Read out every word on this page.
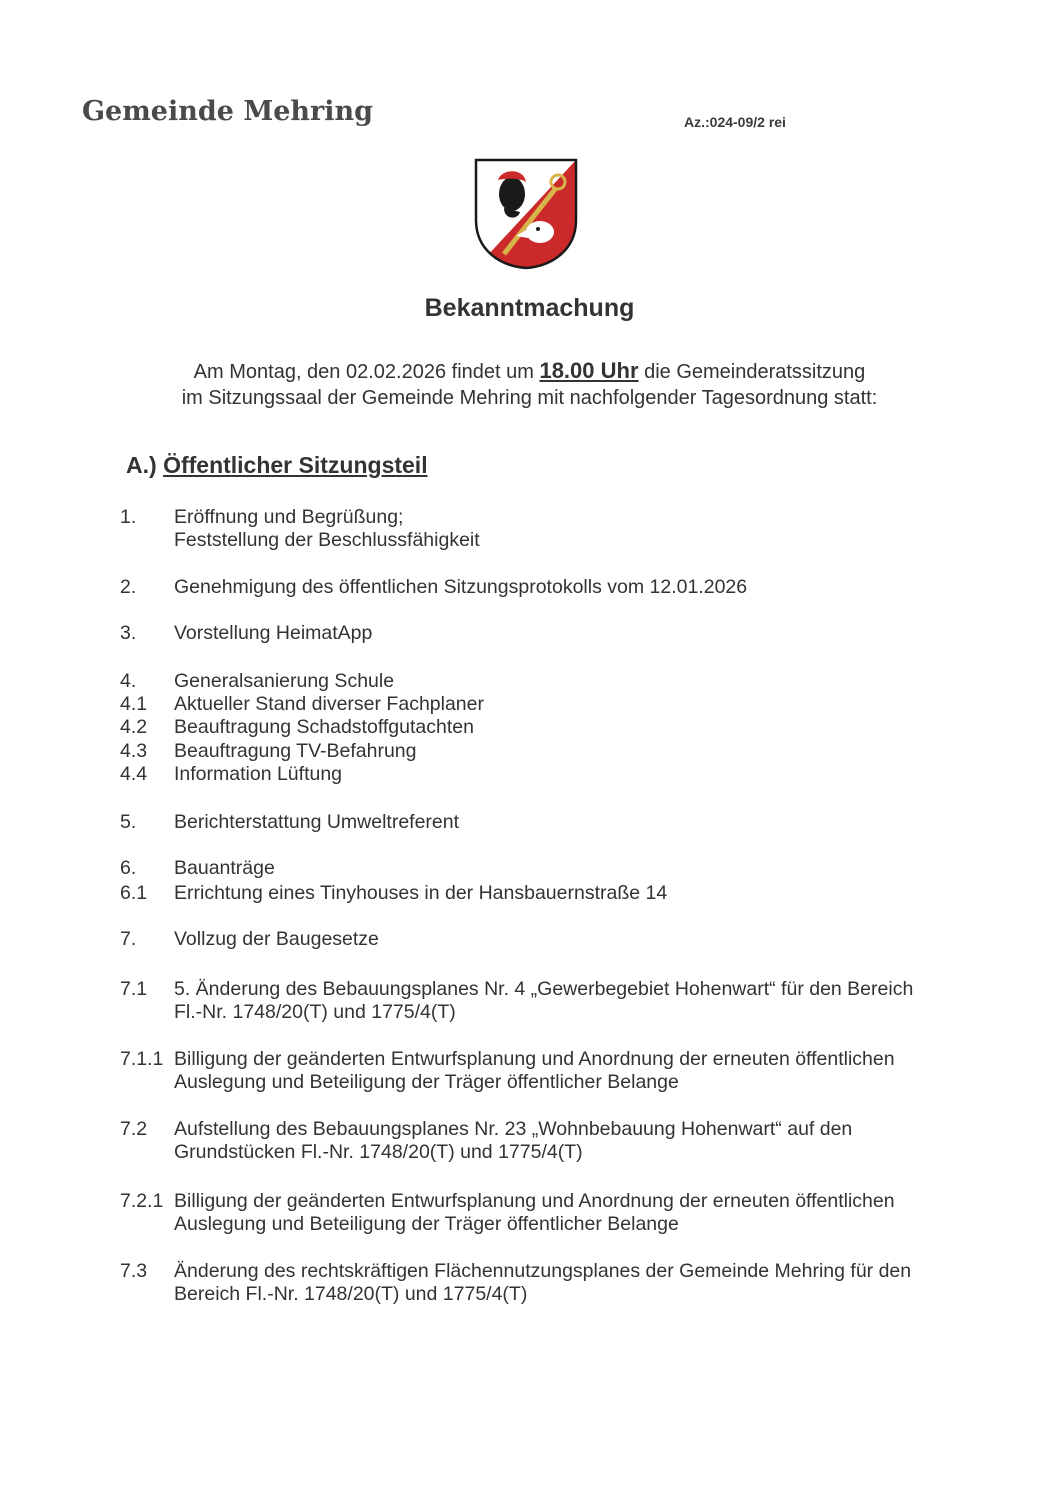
Gemeinde Mehring	Az.:024-09/2 rei
Bekanntmachung
Am Montag, den 02.02.2026 findet um 18.00 Uhr die Gemeinderatssitzung
im Sitzungssaal der Gemeinde Mehring mit nachfolgender Tagesordnung statt:
A.) Öffentlicher Sitzungsteil
1.	Eröffnung und Begrüßung;
Feststellung der Beschlussfähigkeit
2.	Genehmigung des öffentlichen Sitzungsprotokolls vom 12.01.2026
3.	Vorstellung HeimatApp
4.	Generalsanierung Schule
4.1	Aktueller Stand diverser Fachplaner
4.2	Beauftragung Schadstoffgutachten
4.3	Beauftragung TV-Befahrung
4.4	Information Lüftung
5.	Berichterstattung Umweltreferent
6.	Bauanträge
6.1	Errichtung eines Tinyhouses in der Hansbauernstraße 14
7.	Vollzug der Baugesetze
7.1	5. Änderung des Bebauungsplanes Nr. 4 „Gewerbegebiet Hohenwart“ für den Bereich
Fl.-Nr. 1748/20(T) und 1775/4(T)
7.1.1 Billigung der geänderten Entwurfsplanung und Anordnung der erneuten öffentlichen
Auslegung und Beteiligung der Träger öffentlicher Belange
7.2	Aufstellung des Bebauungsplanes Nr. 23 „Wohnbebauung Hohenwart“ auf den
Grundstücken Fl.-Nr. 1748/20(T) und 1775/4(T)
7.2.1 Billigung der geänderten Entwurfsplanung und Anordnung der erneuten öffentlichen
Auslegung und Beteiligung der Träger öffentlicher Belange
7.3	Änderung des rechtskräftigen Flächennutzungsplanes der Gemeinde Mehring für den
Bereich Fl.-Nr. 1748/20(T) und 1775/4(T)
